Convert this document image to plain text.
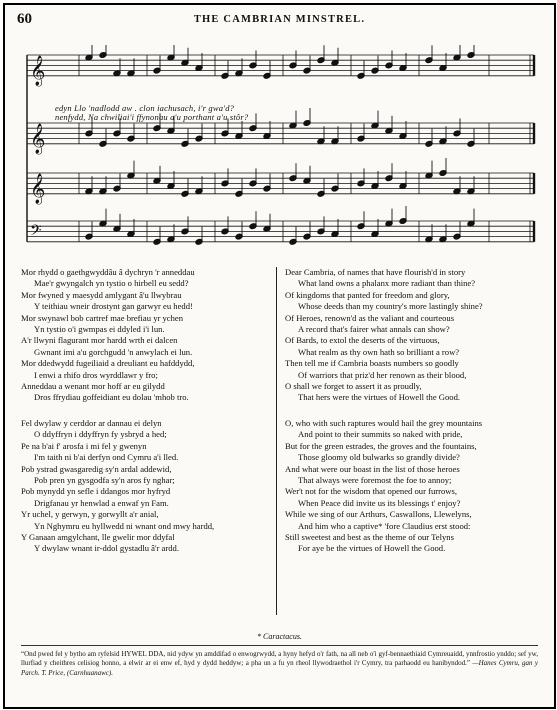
60	THE CAMBRIAN MINSTREL.
𝄞
𝄞
𝄞
𝄢
edyn Llo 'nadlodd aw . clon iachusach, i'r gwa'd?
nenfydd, Na chwiliai'i ffynonau a'u porthant a'u stôr?
Mor rhydd o gaethgwyddâu â dychryn 'r anneddau
Mae'r gwyngalch yn tystio o hirbell eu sedd?
Mor fwyned y maesydd amlygant â'u llwybrau
Y teithiau wneir drostynt gan garwyr eu hedd!
Mor swynawl bob cartref mae brefiau yr ychen
Yn tystio o'i gwmpas ei ddyled i'i lun.
A'r llwyni flagurant mor hardd wrth ei dalcen
Gwnant imi a'u gorchgudd 'n anwylach ei lun.
Mor ddedwydd fugeiliaid a dreuliant eu hafddydd,
I enwi a rhifo dros wyrddlawr y fro;
Anneddau a wenant mor hoff ar eu gilydd
Dros ffrydiau goffeidiant eu dolau 'mhob tro.
Fel dwylaw y cerddor ar dannau ei delyn
O ddyffryn i ddyffryn fy ysbryd a hed;
Pe na b'ai f' arosfa i mi fel y gwenyn
I'm taith ni b'ai derfyn ond Cymru a'i lled.
Pob ystrad gwasgaredig sy'n ardal addewid,
Pob pren yn gysgodfa sy'n aros fy nghar;
Pob mynydd yn sefle i ddangos mor hyfryd
Drigfanau yr henwlad a enwaf yn Fam.
Yr uchel, y gerwyn, y gorwyllt a'r anial,
Yn Nghymru eu hyllwedd ni wnant ond mwy hardd,
Y Ganaan amgylchant, lle gwelir mor ddyfal
Y dwylaw wnant ir-ddol gystadlu â'r ardd.
Dear Cambria, of names that have flourish'd in story
What land owns a phalanx more radiant than thine?
Of kingdoms that panted for freedom and glory,
Whose deeds than my country's more lastingly shine?
Of Heroes, renown'd as the valiant and courteous
A record that's fairer what annals can show?
Of Bards, to extol the deserts of the virtuous,
What realm as thy own hath so brilliant a row?
Then tell me if Cambria boasts numbers so goodly
Of warriors that priz'd her renown as their blood,
O shall we forget to assert it as proudly,
That hers were the virtues of Howell the Good.
O, who with such raptures would hail the grey mountains
And point to their summits so naked with pride,
But for the green estrades, the groves and the fountains,
Those gloomy old bulwarks so grandly divide?
And what were our boast in the list of those heroes
That always were foremost the foe to annoy;
Wer't not for the wisdom that opened our furrows,
When Peace did invite us its blessings t' enjoy?
While we sing of our Arthurs, Caswallons, Llewelyns,
And him who a captive* 'fore Claudius erst stood:
Still sweetest and best as the theme of our Telyns
For aye be the virtues of Howell the Good.
* Caractacus.
“Ond pwed fel y bytho am ryfelsid HYWEL DDA, nid ydyw yn amddifad o enwogrwydd, a hyny hefyd o'r fath, na all neb o'i gyf-bennaethiaid Cymreuaidd, ynnfrostio ynddo; sef yw, llurfiad y cheithres celisiog honno, a elwir ar ei enw ef, hyd y dydd heddyw; a pha un a fu yn rheol llywodraethol i'r Cymry, tra parhaodd eu hanibyndod.” —Hanes Cymru, gan y Parch. T. Price, (Carnhuanawc).
